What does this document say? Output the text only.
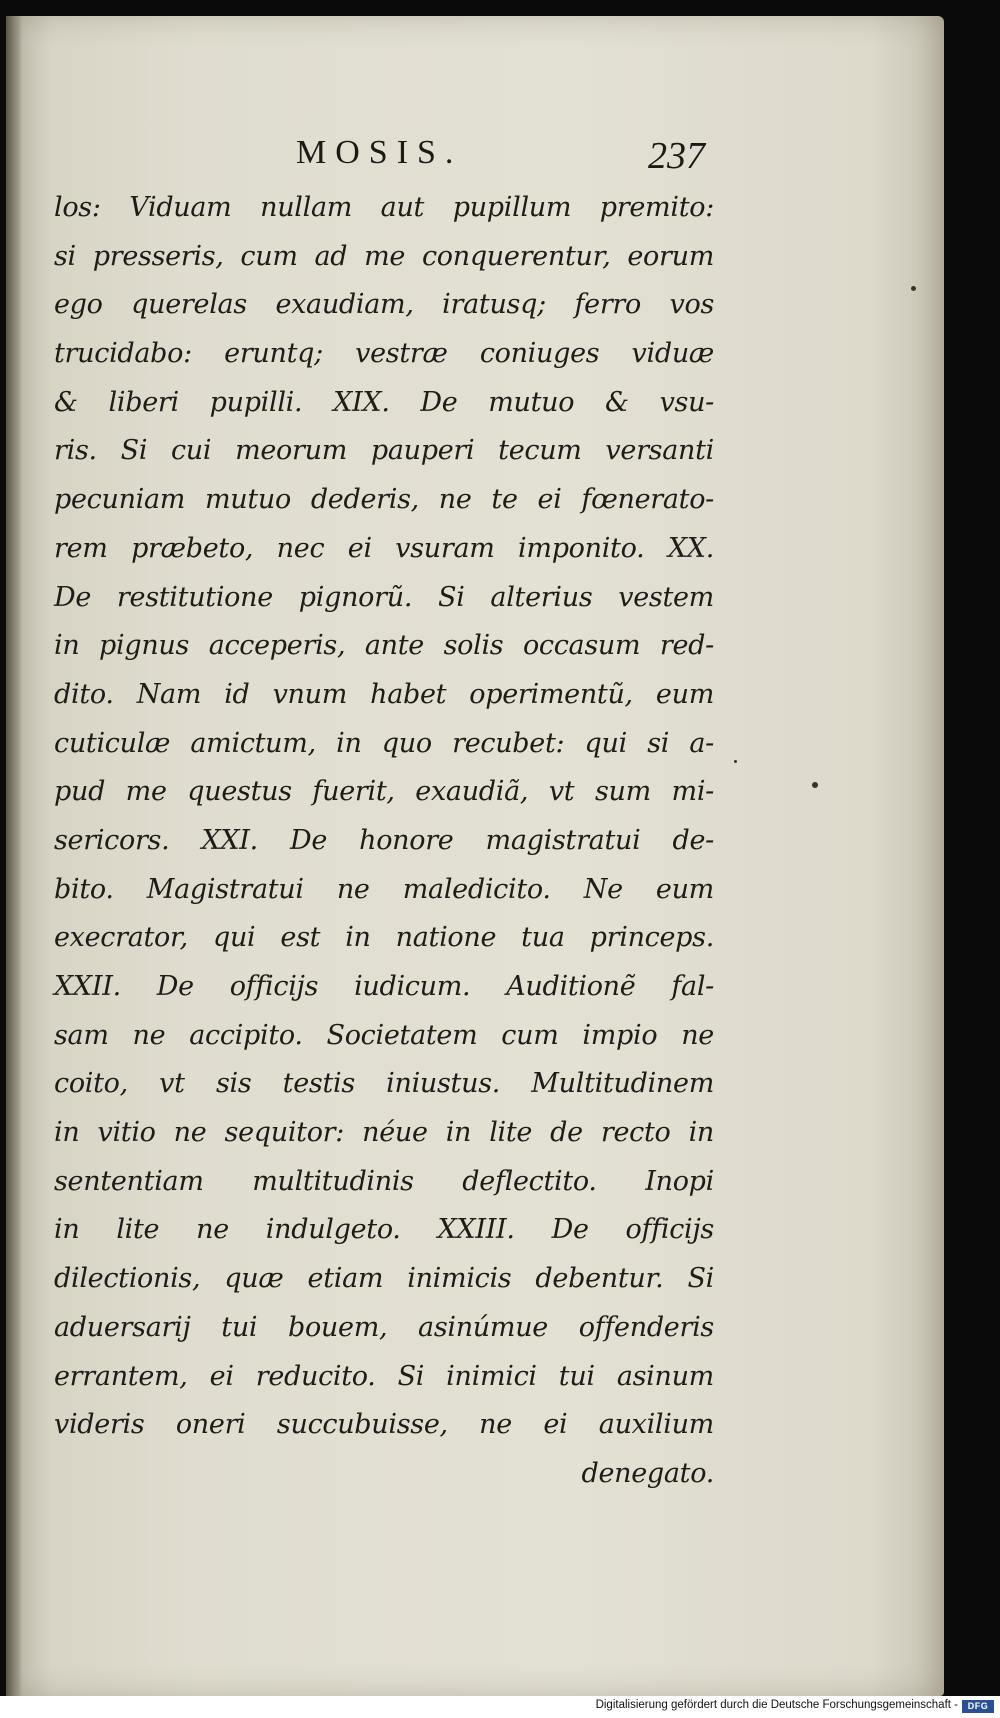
MOSIS.	237
los: Viduam nullam aut pupillum premito:
si presseris, cum ad me conquerentur, eorum
ego querelas exaudiam, iratusq; ferro vos
trucidabo: eruntq; vestræ coniuges viduæ
& liberi pupilli. XIX. De mutuo & vsu-
ris. Si cui meorum pauperi tecum versanti
pecuniam mutuo dederis, ne te ei fœnerato-
rem præbeto, nec ei vsuram imponito. XX.
De restitutione pignorũ. Si alterius vestem
in pignus acceperis, ante solis occasum red-
dito. Nam id vnum habet operimentũ, eum
cuticulæ amictum, in quo recubet: qui si a-
pud me questus fuerit, exaudiã, vt sum mi-
sericors. XXI. De honore magistratui de-
bito. Magistratui ne maledicito. Ne eum
execrator, qui est in natione tua princeps.
XXII. De officijs iudicum. Auditionẽ fal-
sam ne accipito. Societatem cum impio ne
coito, vt sis testis iniustus. Multitudinem
in vitio ne sequitor: néue in lite de recto in
sententiam multitudinis deflectito. Inopi
in lite ne indulgeto. XXIII. De officijs
dilectionis, quæ etiam inimicis debentur. Si
aduersarij tui bouem, asinúmue offenderis
errantem, ei reducito. Si inimici tui asinum
videris oneri succubuisse, ne ei auxilium
denegato.
Digitalisierung gefördert durch die Deutsche Forschungsgemeinschaft -	DFG
